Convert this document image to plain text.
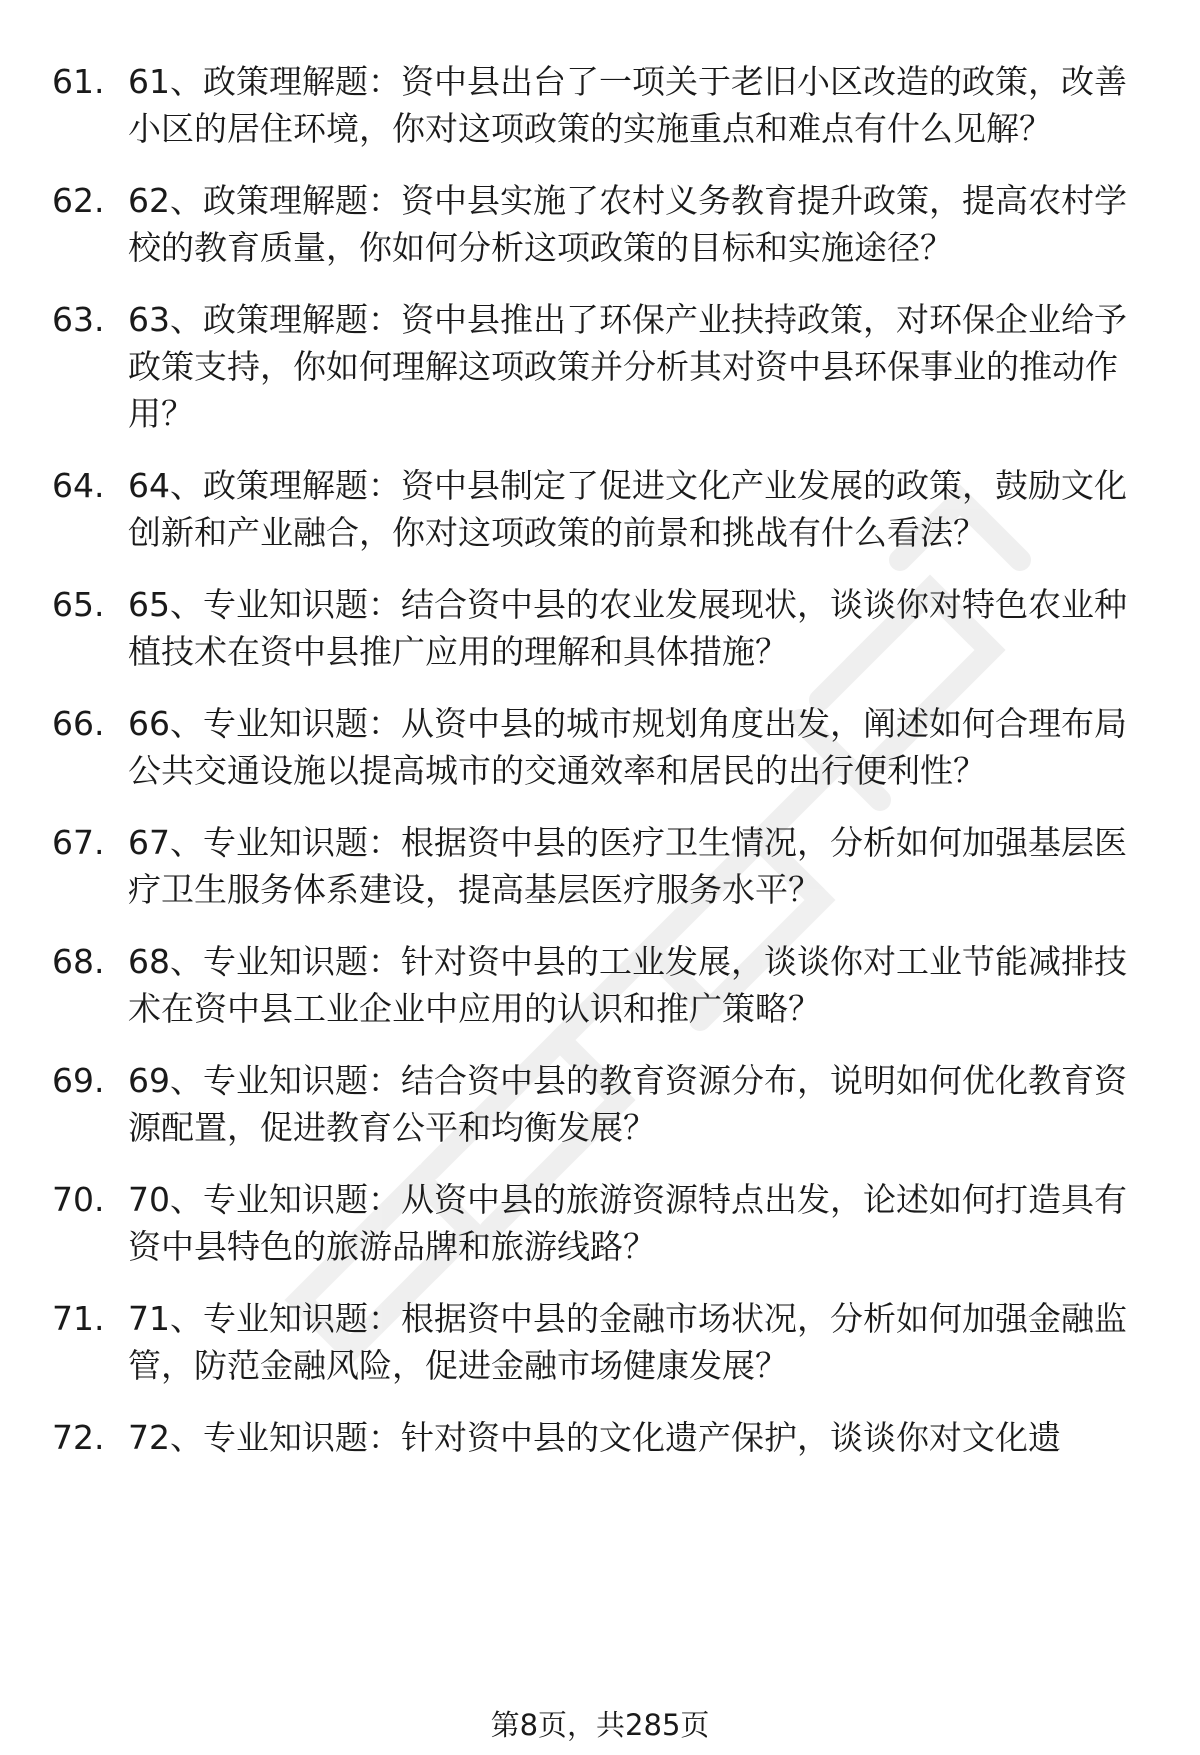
61. 61、政策理解题：资中县出台了一项关于老旧小区改造的政策，改善小区的居住环境，你对这项政策的实施重点和难点有什么见解？
62. 62、政策理解题：资中县实施了农村义务教育提升政策，提高农村学校的教育质量，你如何分析这项政策的目标和实施途径？
63. 63、政策理解题：资中县推出了环保产业扶持政策，对环保企业给予政策支持，你如何理解这项政策并分析其对资中县环保事业的推动作用？
64. 64、政策理解题：资中县制定了促进文化产业发展的政策，鼓励文化创新和产业融合，你对这项政策的前景和挑战有什么看法？
65. 65、专业知识题：结合资中县的农业发展现状，谈谈你对特色农业种植技术在资中县推广应用的理解和具体措施？
66. 66、专业知识题：从资中县的城市规划角度出发，阐述如何合理布局公共交通设施以提高城市的交通效率和居民的出行便利性？
67. 67、专业知识题：根据资中县的医疗卫生情况，分析如何加强基层医疗卫生服务体系建设，提高基层医疗服务水平？
68. 68、专业知识题：针对资中县的工业发展，谈谈你对工业节能减排技术在资中县工业企业中应用的认识和推广策略？
69. 69、专业知识题：结合资中县的教育资源分布，说明如何优化教育资源配置，促进教育公平和均衡发展？
70. 70、专业知识题：从资中县的旅游资源特点出发，论述如何打造具有资中县特色的旅游品牌和旅游线路？
71. 71、专业知识题：根据资中县的金融市场状况，分析如何加强金融监管，防范金融风险，促进金融市场健康发展？
72. 72、专业知识题：针对资中县的文化遗产保护，谈谈你对文化遗
第8页，共285页
